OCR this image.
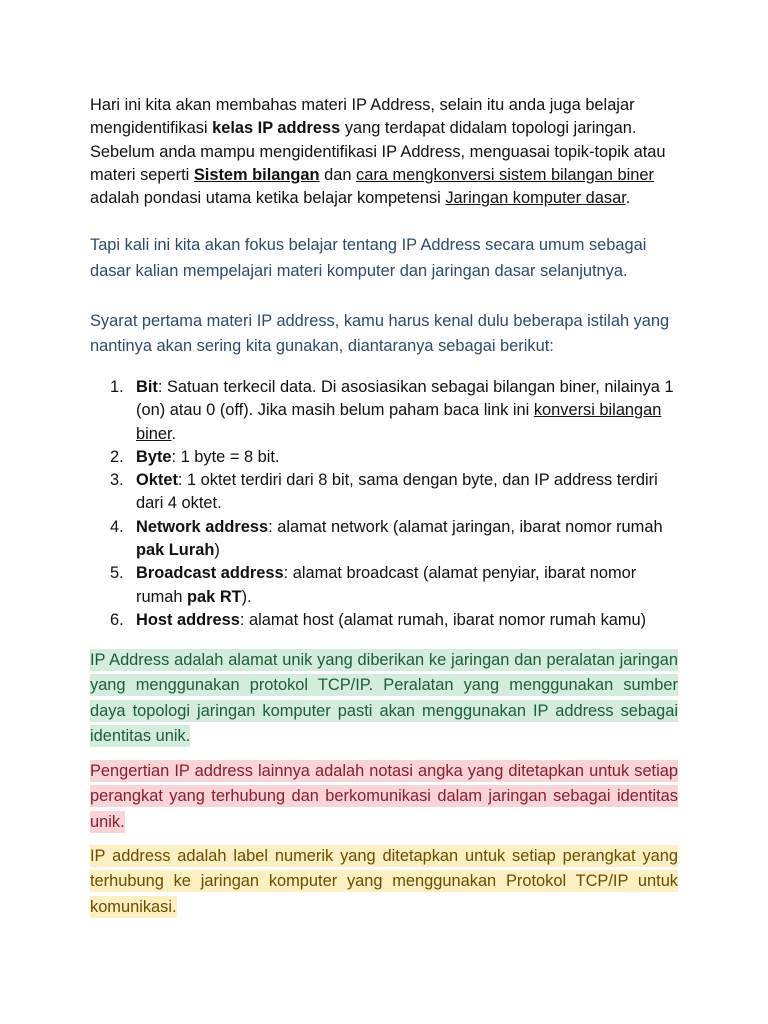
Hari ini kita akan membahas materi IP Address, selain itu anda juga belajar mengidentifikasi kelas IP address yang terdapat didalam topologi jaringan. Sebelum anda mampu mengidentifikasi IP Address, menguasai topik-topik atau materi seperti Sistem bilangan dan cara mengkonversi sistem bilangan biner adalah pondasi utama ketika belajar kompetensi Jaringan komputer dasar.

Tapi kali ini kita akan fokus belajar tentang IP Address secara umum sebagai dasar kalian mempelajari materi komputer dan jaringan dasar selanjutnya.

Syarat pertama materi IP address, kamu harus kenal dulu beberapa istilah yang nantinya akan sering kita gunakan, diantaranya sebagai berikut:

1. Bit: Satuan terkecil data. Di asosiasikan sebagai bilangan biner, nilainya 1 (on) atau 0 (off). Jika masih belum paham baca link ini konversi bilangan biner.
2. Byte: 1 byte = 8 bit.
3. Oktet: 1 oktet terdiri dari 8 bit, sama dengan byte, dan IP address terdiri dari 4 oktet.
4. Network address: alamat network (alamat jaringan, ibarat nomor rumah pak Lurah)
5. Broadcast address: alamat broadcast (alamat penyiar, ibarat nomor rumah pak RT).
6. Host address: alamat host (alamat rumah, ibarat nomor rumah kamu)

IP Address adalah alamat unik yang diberikan ke jaringan dan peralatan jaringan yang menggunakan protokol TCP/IP. Peralatan yang menggunakan sumber daya topologi jaringan komputer pasti akan menggunakan IP address sebagai identitas unik.

Pengertian IP address lainnya adalah notasi angka yang ditetapkan untuk setiap perangkat yang terhubung dan berkomunikasi dalam jaringan sebagai identitas unik.

IP address adalah label numerik yang ditetapkan untuk setiap perangkat yang terhubung ke jaringan komputer yang menggunakan Protokol TCP/IP untuk komunikasi.
